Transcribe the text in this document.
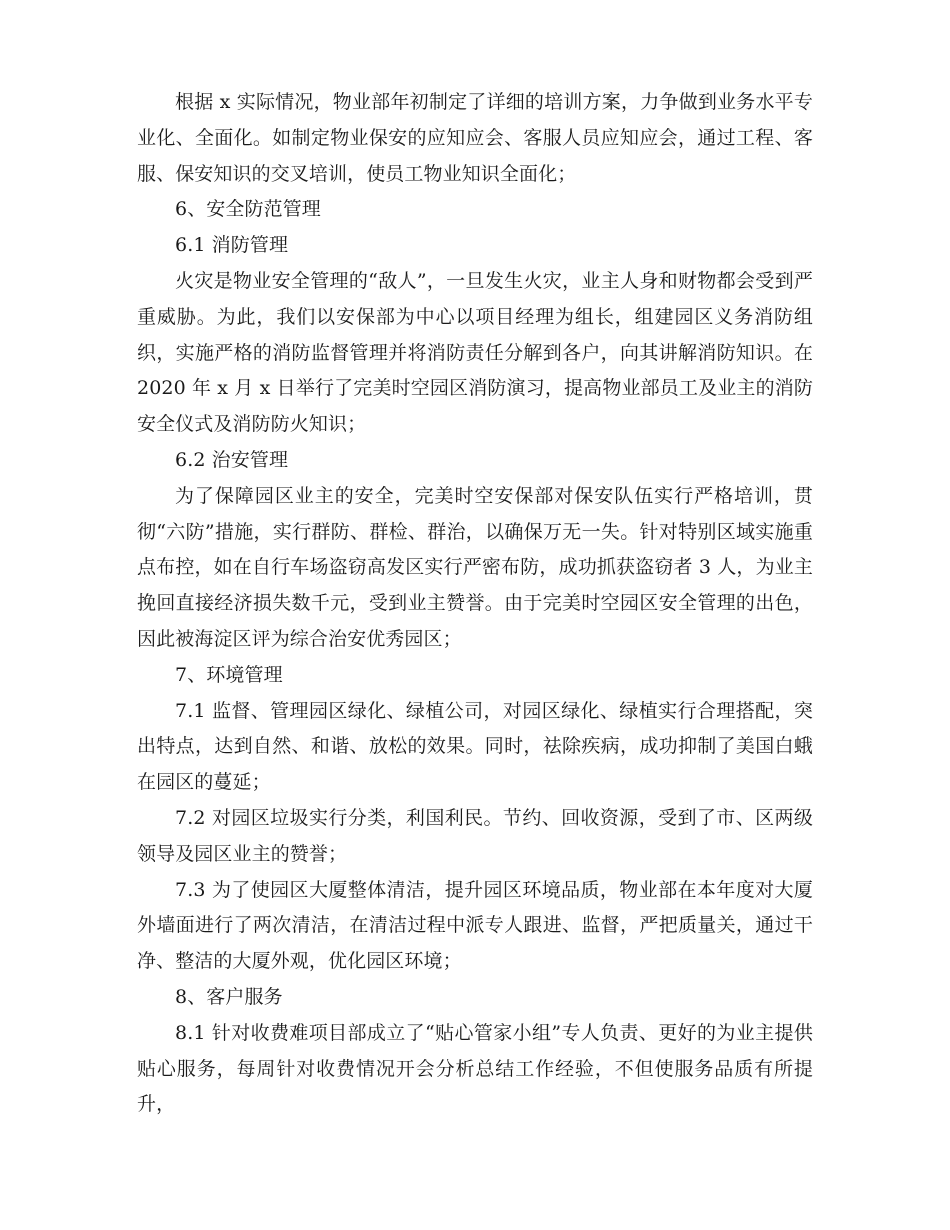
根据 x 实际情况，物业部年初制定了详细的培训方案，力争做到业务水平专业化、全面化。如制定物业保安的应知应会、客服人员应知应会，通过工程、客服、保安知识的交叉培训，使员工物业知识全面化；

6、安全防范管理

6.1 消防管理

火灾是物业安全管理的“敌人”，一旦发生火灾，业主人身和财物都会受到严重威胁。为此，我们以安保部为中心以项目经理为组长，组建园区义务消防组织，实施严格的消防监督管理并将消防责任分解到各户，向其讲解消防知识。在 2020 年 x 月 x 日举行了完美时空园区消防演习，提高物业部员工及业主的消防安全仪式及消防防火知识；

6.2 治安管理

为了保障园区业主的安全，完美时空安保部对保安队伍实行严格培训，贯彻“六防”措施，实行群防、群检、群治，以确保万无一失。针对特别区域实施重点布控，如在自行车场盗窃高发区实行严密布防，成功抓获盗窃者 3 人，为业主挽回直接经济损失数千元，受到业主赞誉。由于完美时空园区安全管理的出色，因此被海淀区评为综合治安优秀园区；

7、环境管理

7.1 监督、管理园区绿化、绿植公司，对园区绿化、绿植实行合理搭配，突出特点，达到自然、和谐、放松的效果。同时，祛除疾病，成功抑制了美国白蛾在园区的蔓延；

7.2 对园区垃圾实行分类，利国利民。节约、回收资源，受到了市、区两级领导及园区业主的赞誉；

7.3 为了使园区大厦整体清洁，提升园区环境品质，物业部在本年度对大厦外墙面进行了两次清洁，在清洁过程中派专人跟进、监督，严把质量关，通过干净、整洁的大厦外观，优化园区环境；

8、客户服务

8.1 针对收费难项目部成立了“贴心管家小组”专人负责、更好的为业主提供贴心服务，每周针对收费情况开会分析总结工作经验，不但使服务品质有所提升，
